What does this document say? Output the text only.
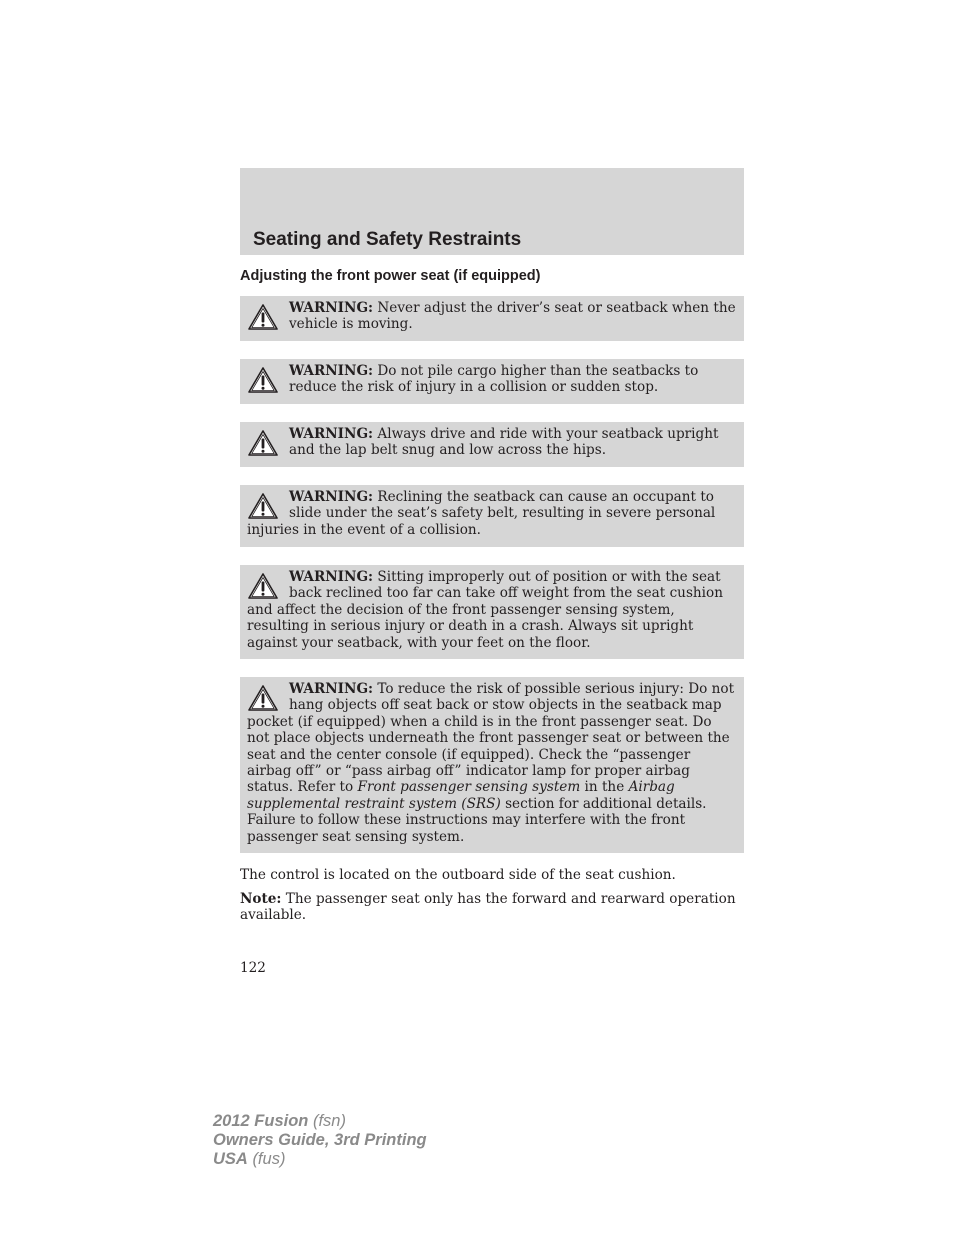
Seating and Safety Restraints
Adjusting the front power seat (if equipped)
WARNING: Never adjust the driver’s seat or seatback when the vehicle is moving.
WARNING: Do not pile cargo higher than the seatbacks to reduce the risk of injury in a collision or sudden stop.
WARNING: Always drive and ride with your seatback upright and the lap belt snug and low across the hips.
WARNING: Reclining the seatback can cause an occupant to slide under the seat’s safety belt, resulting in severe personal injuries in the event of a collision.
WARNING: Sitting improperly out of position or with the seat back reclined too far can take off weight from the seat cushion and affect the decision of the front passenger sensing system, resulting in serious injury or death in a crash. Always sit upright against your seatback, with your feet on the floor.
WARNING: To reduce the risk of possible serious injury: Do not hang objects off seat back or stow objects in the seatback map pocket (if equipped) when a child is in the front passenger seat. Do not place objects underneath the front passenger seat or between the seat and the center console (if equipped). Check the “passenger airbag off” or “pass airbag off” indicator lamp for proper airbag status. Refer to Front passenger sensing system in the Airbag supplemental restraint system (SRS) section for additional details. Failure to follow these instructions may interfere with the front passenger seat sensing system.

The control is located on the outboard side of the seat cushion.

Note: The passenger seat only has the forward and rearward operation available.

122
2012 Fusion (fsn)
Owners Guide, 3rd Printing
USA (fus)
